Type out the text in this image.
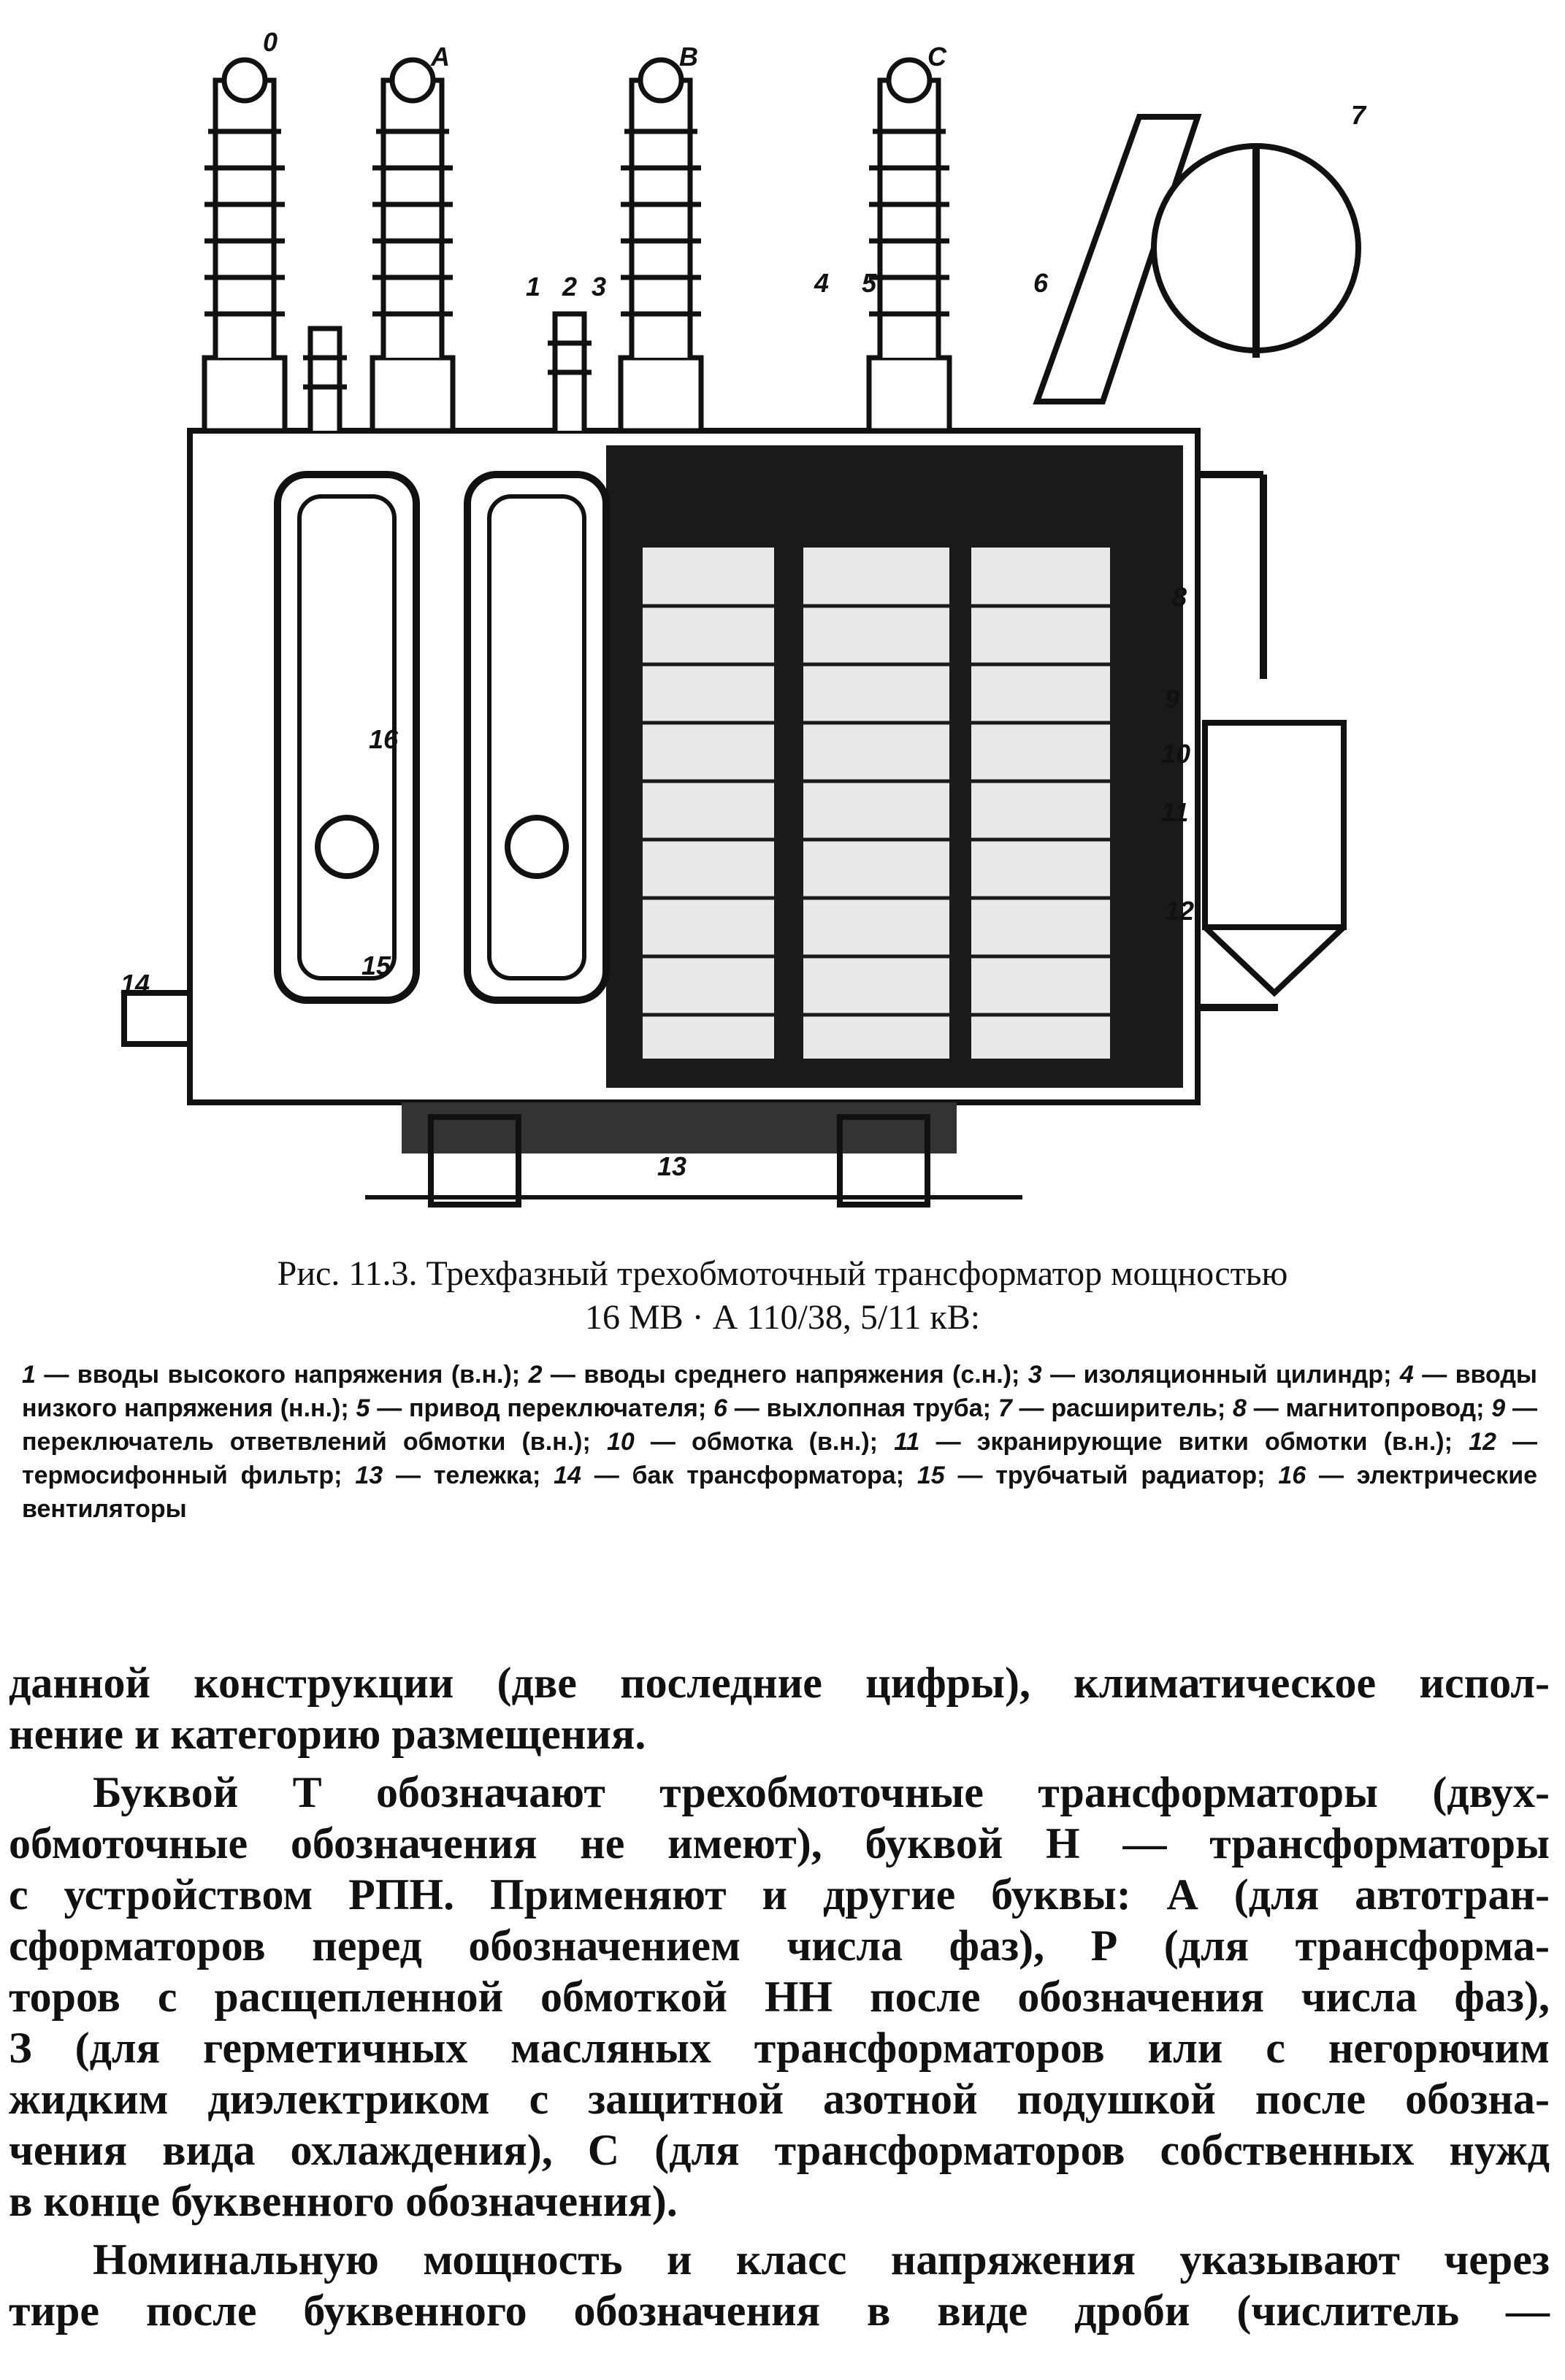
0	A	B	C
1 2 3	4 5	6
7
8
9
10
11
12
13
14
15
16
Рис. 11.3. Трехфазный трехобмоточный трансформатор мощностью
16 МВ · А 110/38, 5/11 кВ:
1 — вводы высокого напряжения (в.н.); 2 — вводы среднего напряжения (с.н.); 3 — изоляционный цилиндр; 4 — вводы низкого напряжения (н.н.); 5 — привод переключателя; 6 — выхлопная труба; 7 — расширитель; 8 — магнитопровод; 9 — переключатель ответвлений обмотки (в.н.); 10 — обмотка (в.н.); 11 — экранирующие витки обмотки (в.н.); 12 — термосифонный фильтр; 13 — тележка; 14 — бак трансформатора; 15 — трубчатый радиатор; 16 — электрические вентиляторы

данной конструкции (две последние цифры), климатическое испол-
нение и категорию размещения.

Буквой Т обозначают трехобмоточные трансформаторы (двух-
обмоточные обозначения не имеют), буквой Н — трансформаторы
с устройством РПН. Применяют и другие буквы: А (для автотран-
сформаторов перед обозначением числа фаз), Р (для трансформа-
торов с расщепленной обмоткой НН после обозначения числа фаз),
З (для герметичных масляных трансформаторов или с негорючим
жидким диэлектриком с защитной азотной подушкой после обозна-
чения вида охлаждения), С (для трансформаторов собственных нужд
в конце буквенного обозначения).

Номинальную мощность и класс напряжения указывают через
тире после буквенного обозначения в виде дроби (числитель —
